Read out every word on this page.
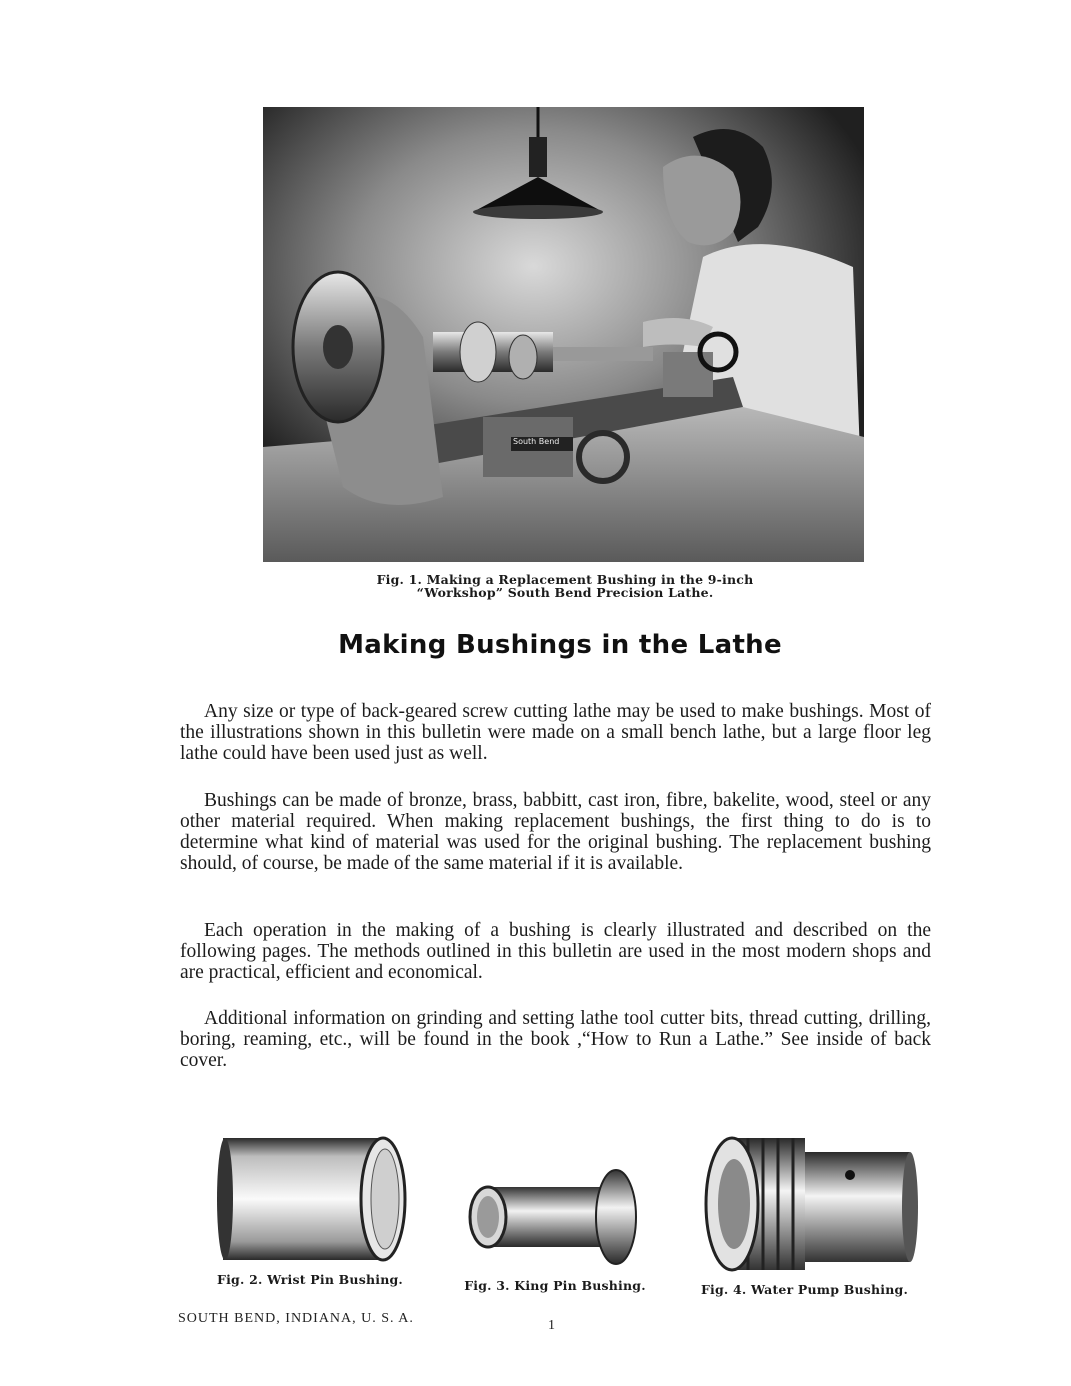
South Bend
Fig. 1. Making a Replacement Bushing in the 9-inch
“Workshop” South Bend Precision Lathe.
Making Bushings in the Lathe
Any size or type of back-geared screw cutting lathe may be used to make bushings. Most of the illustrations shown in this bulletin were made on a small bench lathe, but a large floor leg lathe could have been used just as well.
Bushings can be made of bronze, brass, babbitt, cast iron, fibre, bakelite, wood, steel or any other material required. When making replacement bushings, the first thing to do is to determine what kind of material was used for the original bushing. The replacement bushing should, of course, be made of the same material if it is available.
Each operation in the making of a bushing is clearly illustrated and described on the following pages. The methods outlined in this bulletin are used in the most modern shops and are practical, efficient and economical.
Additional information on grinding and setting lathe tool cutter bits, thread cutting, drilling, boring, reaming, etc., will be found in the book ,“How to Run a Lathe.” See inside of back cover.
Fig. 2. Wrist Pin Bushing.	Fig. 3. King Pin Bushing.	Fig. 4. Water Pump Bushing.
SOUTH BEND, INDIANA, U. S. A.	1
